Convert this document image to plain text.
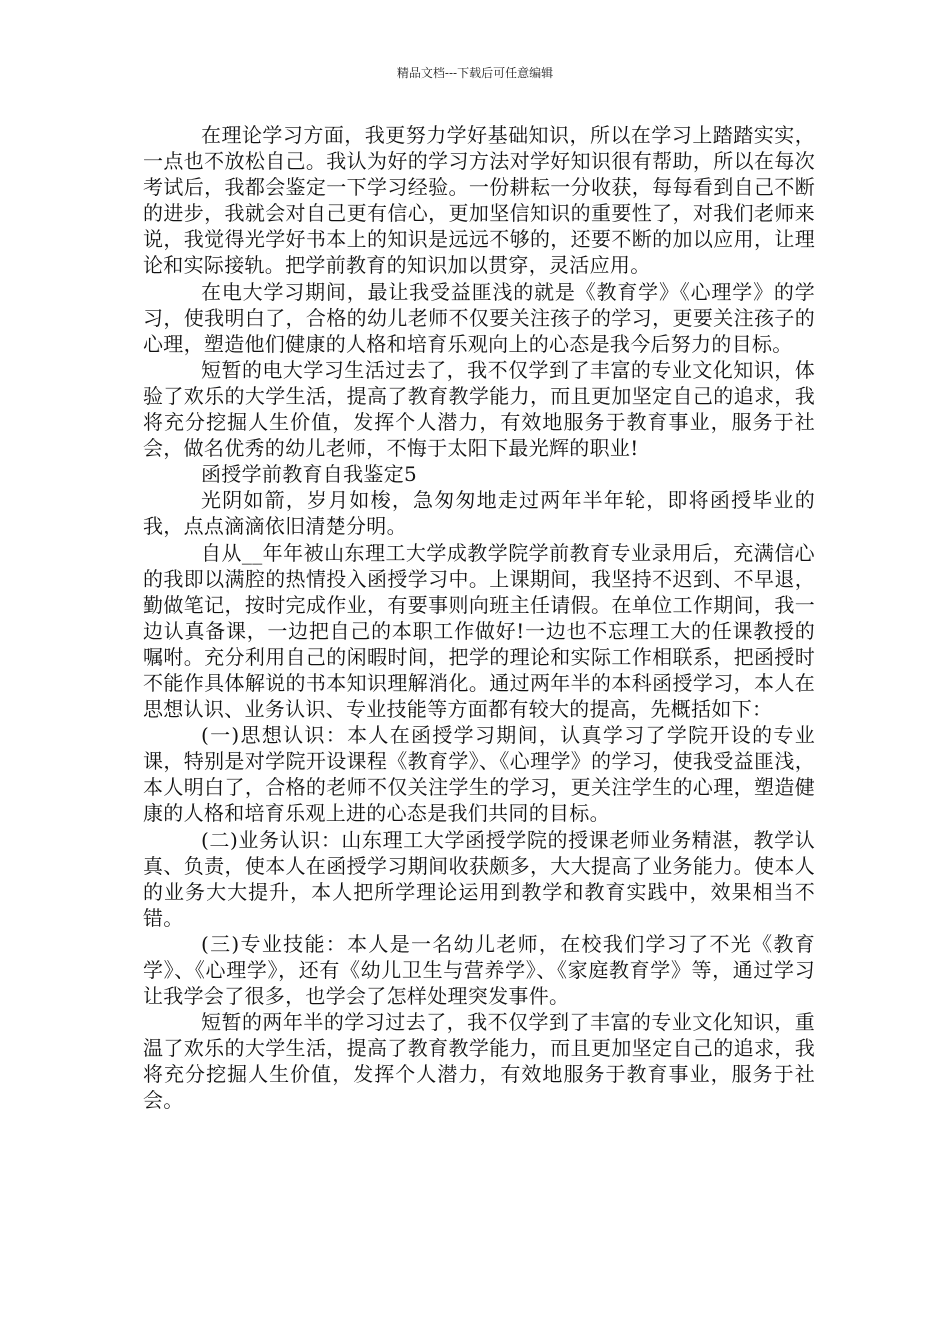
精品文档---下载后可任意编辑

在理论学习方面，我更努力学好基础知识，所以在学习上踏踏实实，一点也不放松自己。我认为好的学习方法对学好知识很有帮助，所以在每次考试后，我都会鉴定一下学习经验。一份耕耘一分收获，每每看到自己不断的进步，我就会对自己更有信心，更加坚信知识的重要性了，对我们老师来说，我觉得光学好书本上的知识是远远不够的，还要不断的加以应用，让理论和实际接轨。把学前教育的知识加以贯穿，灵活应用。

在电大学习期间，最让我受益匪浅的就是《教育学》《心理学》的学习，使我明白了，合格的幼儿老师不仅要关注孩子的学习，更要关注孩子的心理，塑造他们健康的人格和培育乐观向上的心态是我今后努力的目标。

短暂的电大学习生活过去了，我不仅学到了丰富的专业文化知识，体验了欢乐的大学生活，提高了教育教学能力，而且更加坚定自己的追求，我将充分挖掘人生价值，发挥个人潜力，有效地服务于教育事业，服务于社会，做名优秀的幼儿老师，不悔于太阳下最光辉的职业!

函授学前教育自我鉴定5

光阴如箭，岁月如梭，急匆匆地走过两年半年轮，即将函授毕业的我，点点滴滴依旧清楚分明。

自从__年年被山东理工大学成教学院学前教育专业录用后，充满信心的我即以满腔的热情投入函授学习中。上课期间，我坚持不迟到、不早退，勤做笔记，按时完成作业，有要事则向班主任请假。在单位工作期间，我一边认真备课，一边把自己的本职工作做好!一边也不忘理工大的任课教授的嘱咐。充分利用自己的闲暇时间，把学的理论和实际工作相联系，把函授时不能作具体解说的书本知识理解消化。通过两年半的本科函授学习，本人在思想认识、业务认识、专业技能等方面都有较大的提高，先概括如下：

(一)思想认识：本人在函授学习期间，认真学习了学院开设的专业课，特别是对学院开设课程《教育学》、《心理学》的学习，使我受益匪浅，本人明白了，合格的老师不仅关注学生的学习，更关注学生的心理，塑造健康的人格和培育乐观上进的心态是我们共同的目标。

(二)业务认识：山东理工大学函授学院的授课老师业务精湛，教学认真、负责，使本人在函授学习期间收获颇多，大大提高了业务能力。使本人的业务大大提升，本人把所学理论运用到教学和教育实践中，效果相当不错。

(三)专业技能：本人是一名幼儿老师，在校我们学习了不光《教育学》、《心理学》，还有《幼儿卫生与营养学》、《家庭教育学》等，通过学习让我学会了很多，也学会了怎样处理突发事件。

短暂的两年半的学习过去了，我不仅学到了丰富的专业文化知识，重温了欢乐的大学生活，提高了教育教学能力，而且更加坚定自己的追求，我将充分挖掘人生价值，发挥个人潜力，有效地服务于教育事业，服务于社会。
